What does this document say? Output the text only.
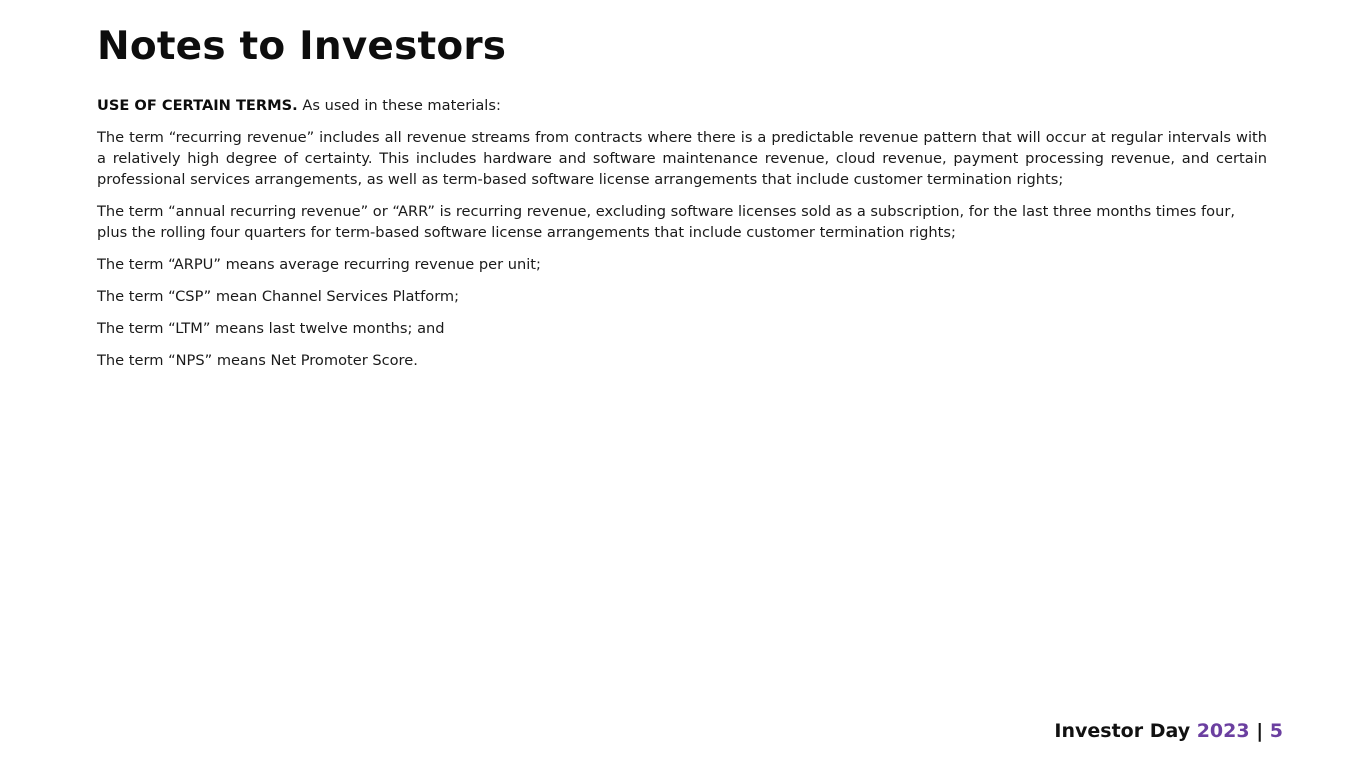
Notes to Investors

USE OF CERTAIN TERMS. As used in these materials:

The term “recurring revenue” includes all revenue streams from contracts where there is a predictable revenue pattern that will occur at regular intervals with a relatively high degree of certainty. This includes hardware and software maintenance revenue, cloud revenue, payment processing revenue, and certain professional services arrangements, as well as term-based software license arrangements that include customer termination rights;

The term “annual recurring revenue” or “ARR” is recurring revenue, excluding software licenses sold as a subscription, for the last three months times four, plus the rolling four quarters for term-based software license arrangements that include customer termination rights;

The term “ARPU” means average recurring revenue per unit;

The term “CSP” mean Channel Services Platform;

The term “LTM” means last twelve months; and

The term “NPS” means Net Promoter Score.

Investor Day 2023 | 5
